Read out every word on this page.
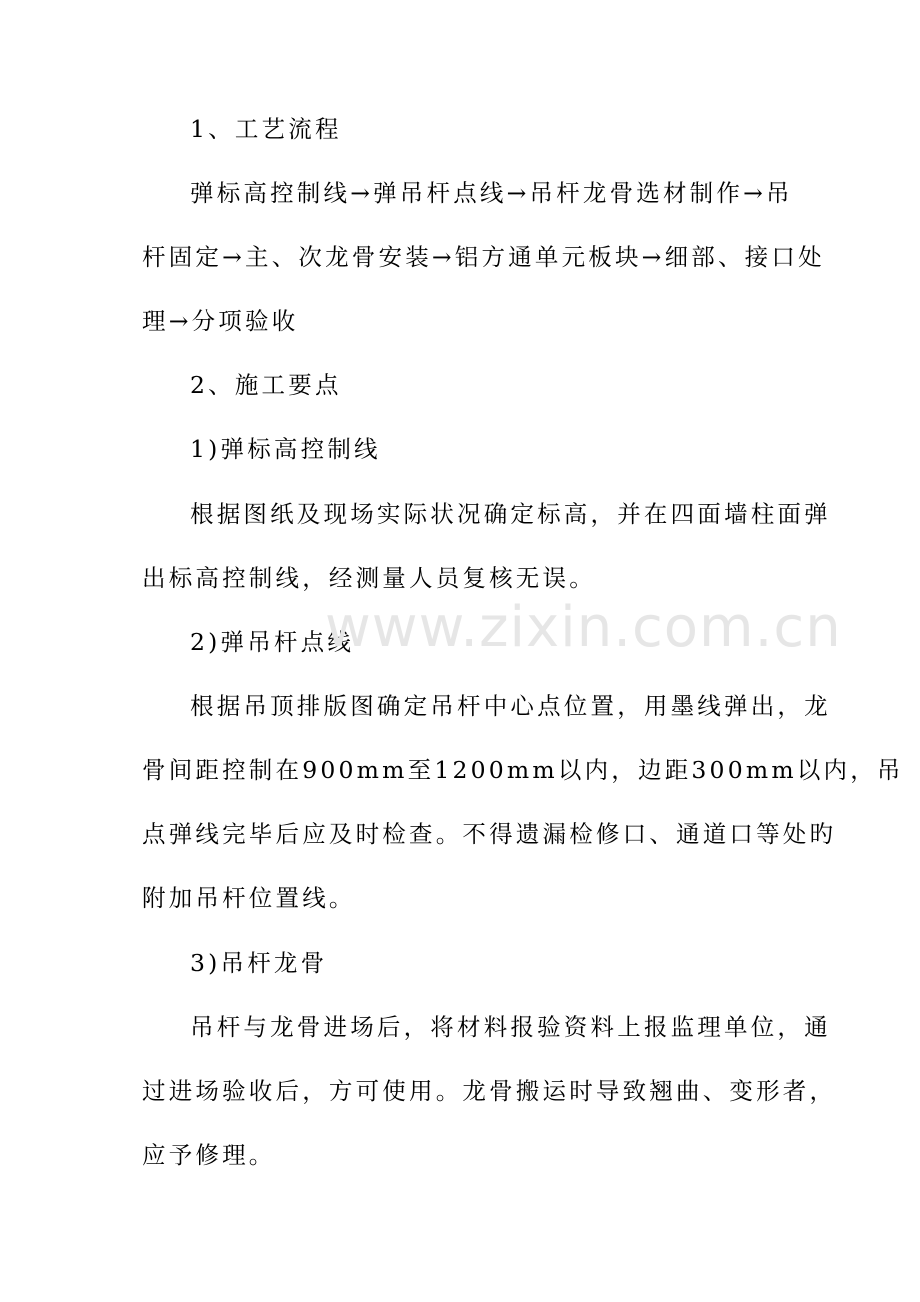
1、工艺流程
弹标高控制线→弹吊杆点线→吊杆龙骨选材制作→吊
杆固定→主、次龙骨安装→铝方通单元板块→细部、接口处
理→分项验收
2、施工要点
1)弹标高控制线
根据图纸及现场实际状况确定标高，并在四面墙柱面弹
出标高控制线，经测量人员复核无误。
2)弹吊杆点线
根据吊顶排版图确定吊杆中心点位置，用墨线弹出，龙
骨间距控制在900mm至1200mm以内，边距300mm以内，吊
点弹线完毕后应及时检查。不得遗漏检修口、通道口等处旳
附加吊杆位置线。
3)吊杆龙骨
吊杆与龙骨进场后，将材料报验资料上报监理单位，通
过进场验收后，方可使用。龙骨搬运时导致翘曲、变形者，
应予修理。
www.zixin.com.cn
